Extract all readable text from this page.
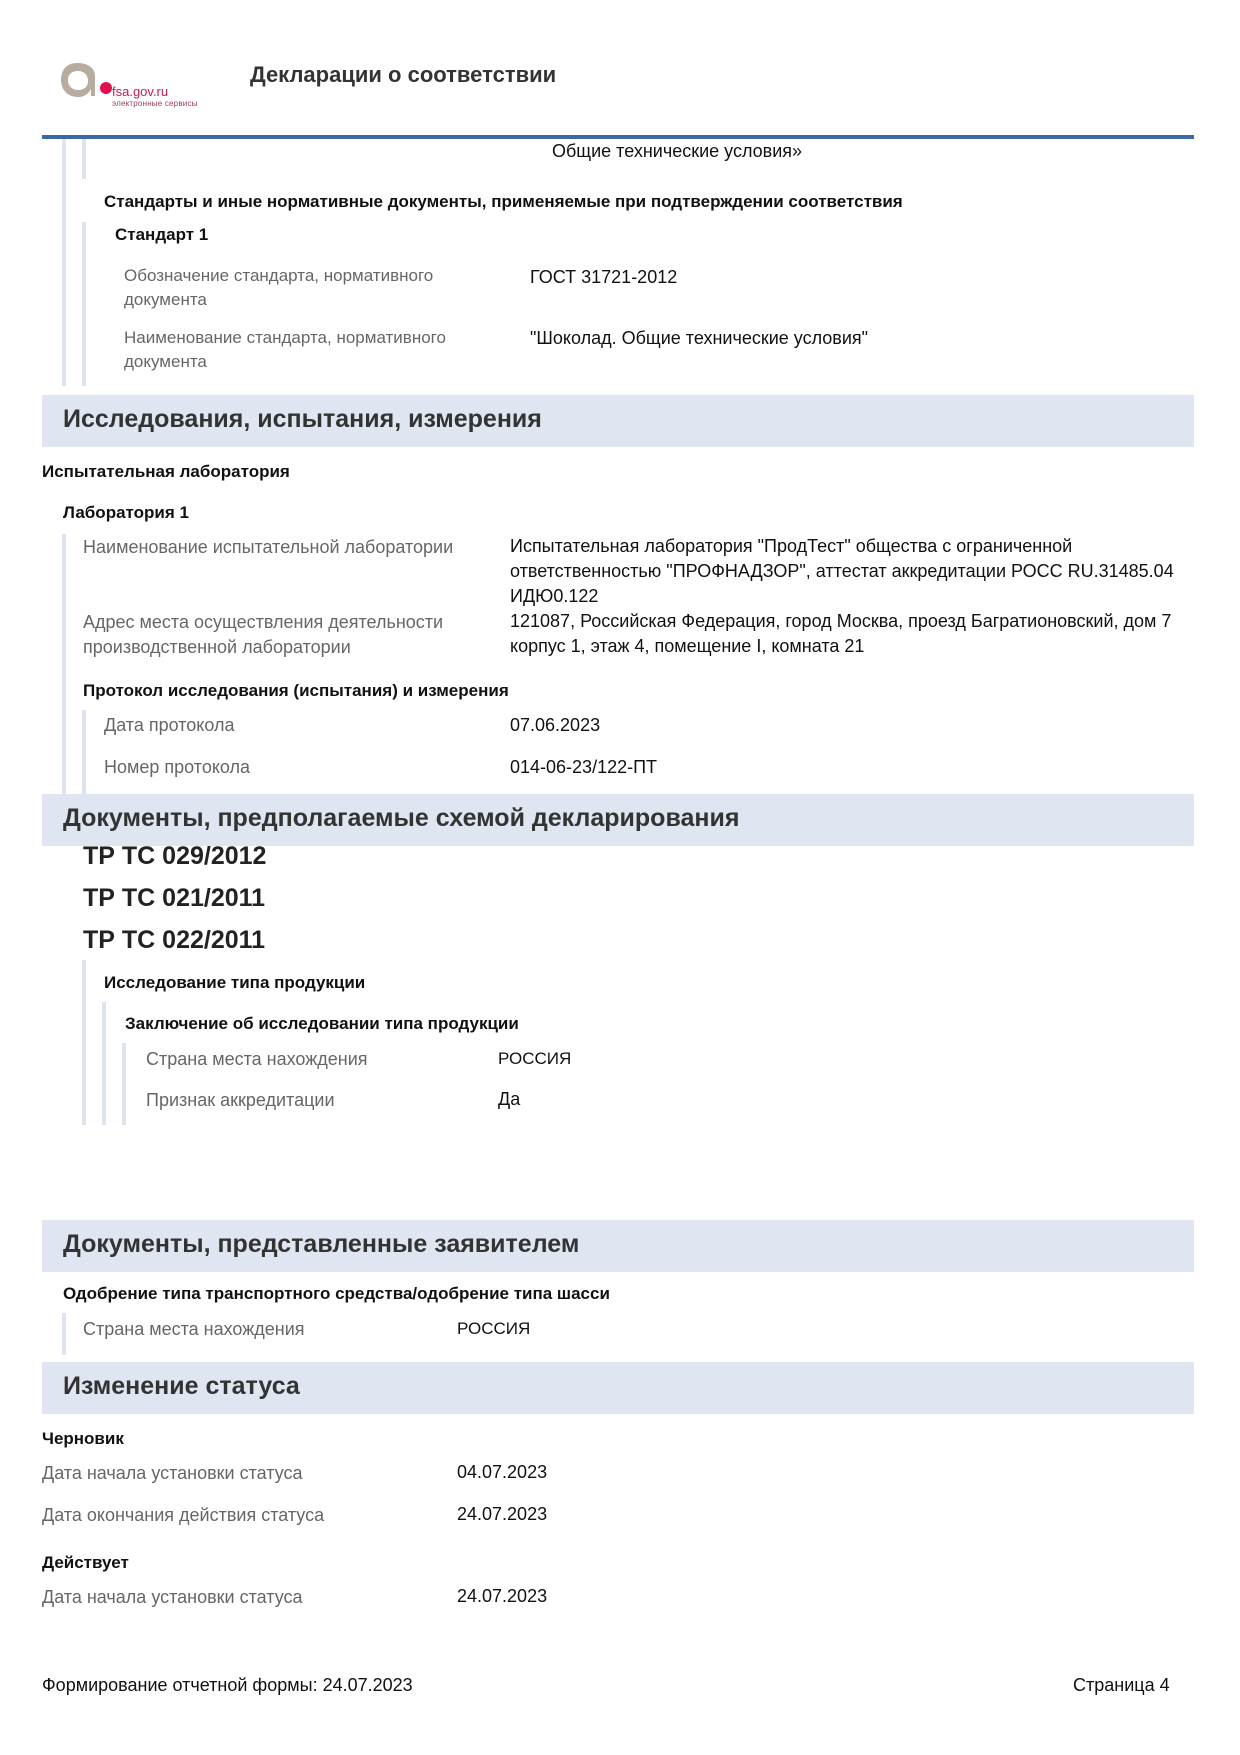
fsa.gov.ru
электронные сервисы
Декларации о соответствии
Общие технические условия»
Стандарты и иные нормативные документы, применяемые при подтверждении соответствия
Стандарт 1
Обозначение стандарта, нормативного документа
ГОСТ 31721-2012
Наименование стандарта, нормативного документа
"Шоколад. Общие технические условия"
Исследования, испытания, измерения
Испытательная лаборатория
Лаборатория 1
Наименование испытательной лаборатории	Испытательная лаборатория "ПродТест" общества с ограниченной ответственностью "ПРОФНАДЗОР", аттестат аккредитации РОСС RU.31485.04 ИДЮ0.122
Адрес места осуществления деятельности производственной лаборатории
121087, Российская Федерация, город Москва, проезд Багратионовский, дом 7 корпус 1, этаж 4, помещение I, комната 21
Протокол исследования (испытания) и измерения
Дата протокола	07.06.2023
Номер протокола	014-06-23/122-ПТ
Документы, предполагаемые схемой декларирования
ТР ТС 029/2012
ТР ТС 021/2011
ТР ТС 022/2011
Исследование типа продукции
Заключение об исследовании типа продукции
Страна места нахождения	РОССИЯ
Признак аккредитации	Да
Документы, представленные заявителем
Одобрение типа транспортного средства/одобрение типа шасси
Страна места нахождения	РОССИЯ
Изменение статуса
Черновик
Дата начала установки статуса	04.07.2023
Дата окончания действия статуса	24.07.2023
Действует
Дата начала установки статуса	24.07.2023
Формирование отчетной формы: 24.07.2023	Страница 4
